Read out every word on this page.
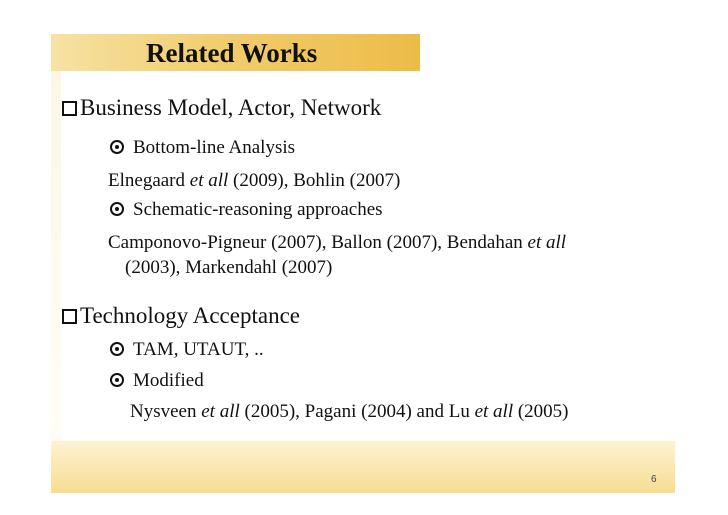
Related Works
Business Model, Actor, Network
Bottom-line Analysis
Elnegaard et all (2009), Bohlin (2007)
Schematic-reasoning approaches
Camponovo-Pigneur (2007), Ballon (2007), Bendahan et all
(2003), Markendahl (2007)
Technology Acceptance
TAM, UTAUT, ..
Modified
Nysveen et all (2005), Pagani (2004) and Lu et all (2005)
6
